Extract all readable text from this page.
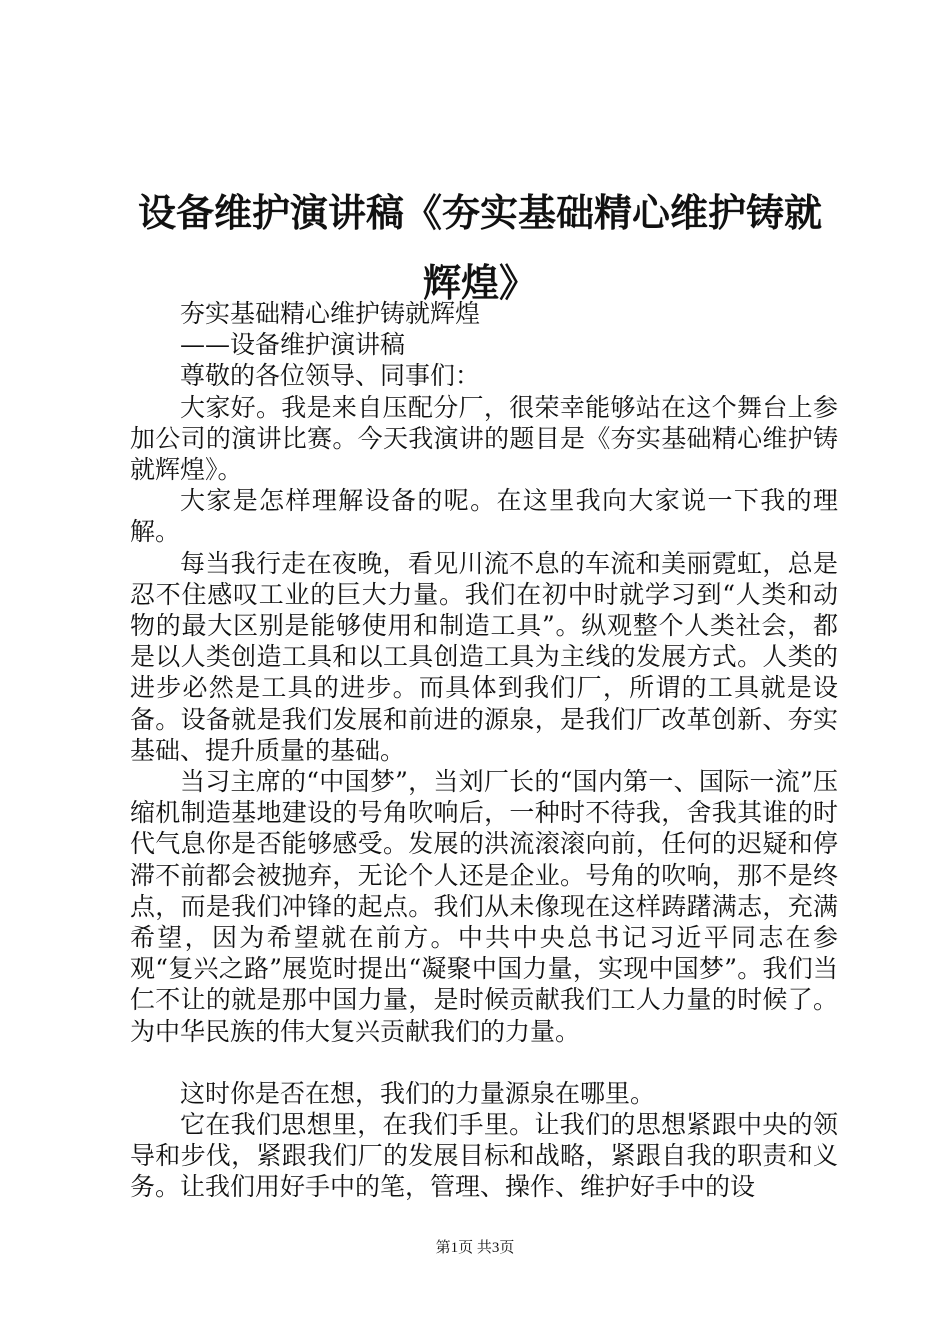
设备维护演讲稿《夯实基础精心维护铸就辉煌》

夯实基础精心维护铸就辉煌

——设备维护演讲稿

尊敬的各位领导、同事们：

大家好。我是来自压配分厂，很荣幸能够站在这个舞台上参加公司的演讲比赛。今天我演讲的题目是《夯实基础精心维护铸就辉煌》。

大家是怎样理解设备的呢。在这里我向大家说一下我的理解。

每当我行走在夜晚，看见川流不息的车流和美丽霓虹，总是忍不住感叹工业的巨大力量。我们在初中时就学习到“人类和动物的最大区别是能够使用和制造工具”。纵观整个人类社会，都是以人类创造工具和以工具创造工具为主线的发展方式。人类的进步必然是工具的进步。而具体到我们厂，所谓的工具就是设备。设备就是我们发展和前进的源泉，是我们厂改革创新、夯实基础、提升质量的基础。

当习主席的“中国梦”，当刘厂长的“国内第一、国际一流”压缩机制造基地建设的号角吹响后，一种时不待我，舍我其谁的时代气息你是否能够感受。发展的洪流滚滚向前，任何的迟疑和停滞不前都会被抛弃，无论个人还是企业。号角的吹响，那不是终点，而是我们冲锋的起点。我们从未像现在这样踌躇满志，充满希望，因为希望就在前方。中共中央总书记习近平同志在参观“复兴之路”展览时提出“凝聚中国力量，实现中国梦”。我们当仁不让的就是那中国力量，是时候贡献我们工人力量的时候了。为中华民族的伟大复兴贡献我们的力量。

这时你是否在想，我们的力量源泉在哪里。

它在我们思想里，在我们手里。让我们的思想紧跟中央的领导和步伐，紧跟我们厂的发展目标和战略，紧跟自我的职责和义务。让我们用好手中的笔，管理、操作、维护好手中的设

第1页 共3页
